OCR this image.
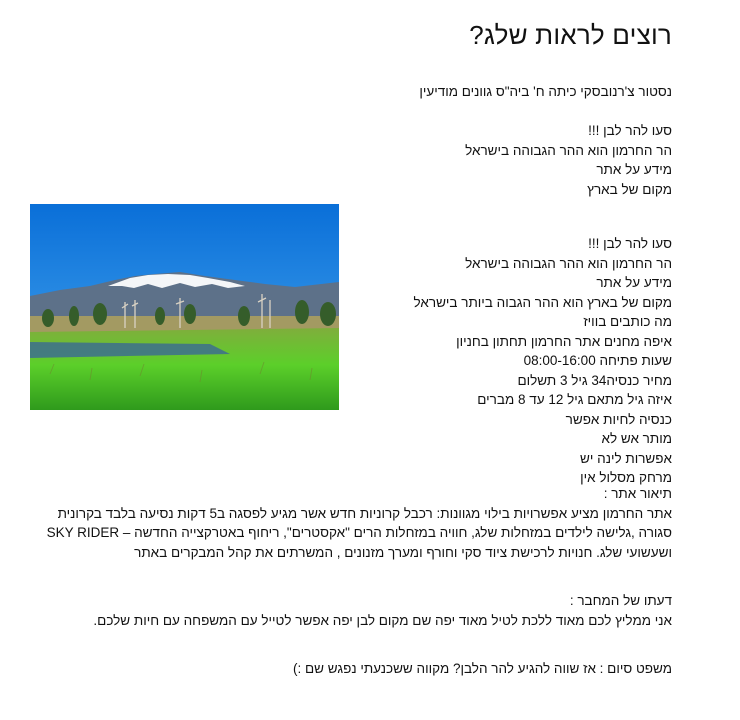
רוצים לראות שלג?
נסטור צ'רנובסקי כיתה ח' ביה"ס גוונים מודיעין
סעו להר לבן !!!
הר החרמון הוא ההר הגבוהה בישראל
מידע על אתר
מקום של בארץ
סעו להר לבן !!!
הר החרמון הוא ההר הגבוהה בישראל
מידע על אתר
מקום של בארץ הוא ההר הגבוה ביותר בישראל
מה כותבים בוויז
איפה מחנים אתר החרמון תחתון בחניון
שעות פתיחה 08:00-16:00
מחיר כנסיה34 גיל 3 תשלום
איזה גיל מתאם גיל 12 עד 8 מברים
כנסיה לחיות אפשר
מותר אש לא
אפשרות לינה יש
מרחק מסלול אין
תיאור אתר :
אתר החרמון מציע אפשרויות בילוי מגוונות: רכבל קרוניות חדש אשר מגיע לפסגה ב5 דקות נסיעה בלבד בקרונית סגורה ,גלישה לילדים במזחלות שלג, חוויה במזחלות הרים "אקסטרים", ריחוף באטרקצייה החדשה – SKY RIDER ושעשועי שלג. חנויות לרכישת ציוד סקי וחורף ומערך מזנונים , המשרתים את קהל המבקרים באתר
דעתו של המחבר :
אני ממליץ לכם מאוד ללכת לטיל מאוד יפה שם מקום לבן יפה אפשר לטייל עם המשפחה עם חיות שלכם.
משפט סיום : אז שווה להגיע להר הלבן? מקווה ששכנעתי נפגש שם :)
